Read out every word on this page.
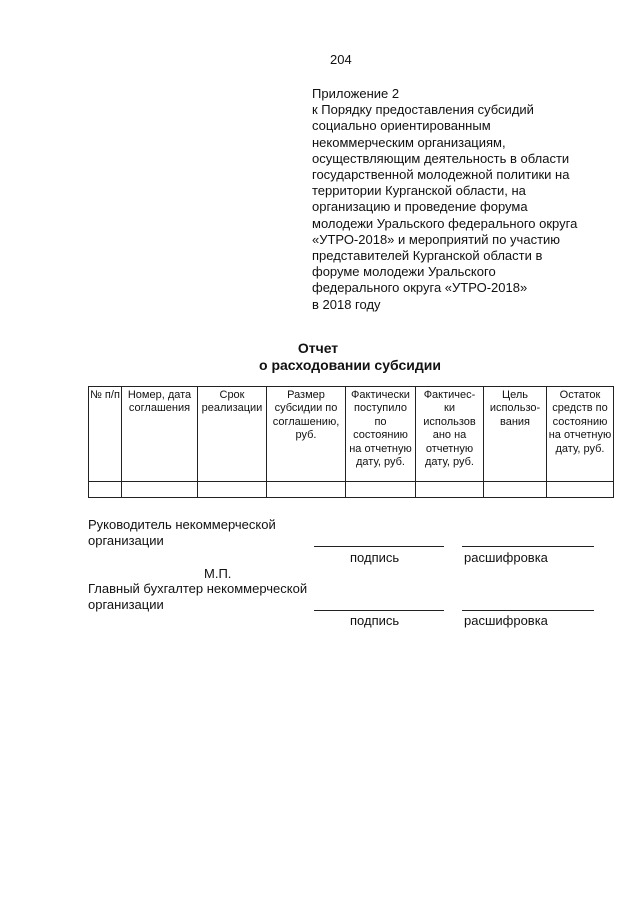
204
Приложение 2
к Порядку предоставления субсидий
социально ориентированным
некоммерческим организациям,
осуществляющим деятельность в области
государственной молодежной политики на
территории Курганской области, на
организацию и проведение форума
молодежи Уральского федерального округа
«УТРО-2018» и мероприятий по участию
представителей Курганской области в
форуме молодежи Уральского
федерального округа «УТРО-2018»
в 2018 году
Отчет
о расходовании субсидии
№ п/п	Номер, дата соглашения	Срок реализации	Размер субсидии по соглашению, руб.	Фактически поступило по состоянию на отчетную дату, руб.	Фактичес- ки использов ано на отчетную дату, руб.	Цель использо- вания	Остаток средств по состоянию на отчетную дату, руб.

Руководитель некоммерческой
организации
подпись	расшифровка
М.П.
Главный бухгалтер некоммерческой
организации
подпись	расшифровка
